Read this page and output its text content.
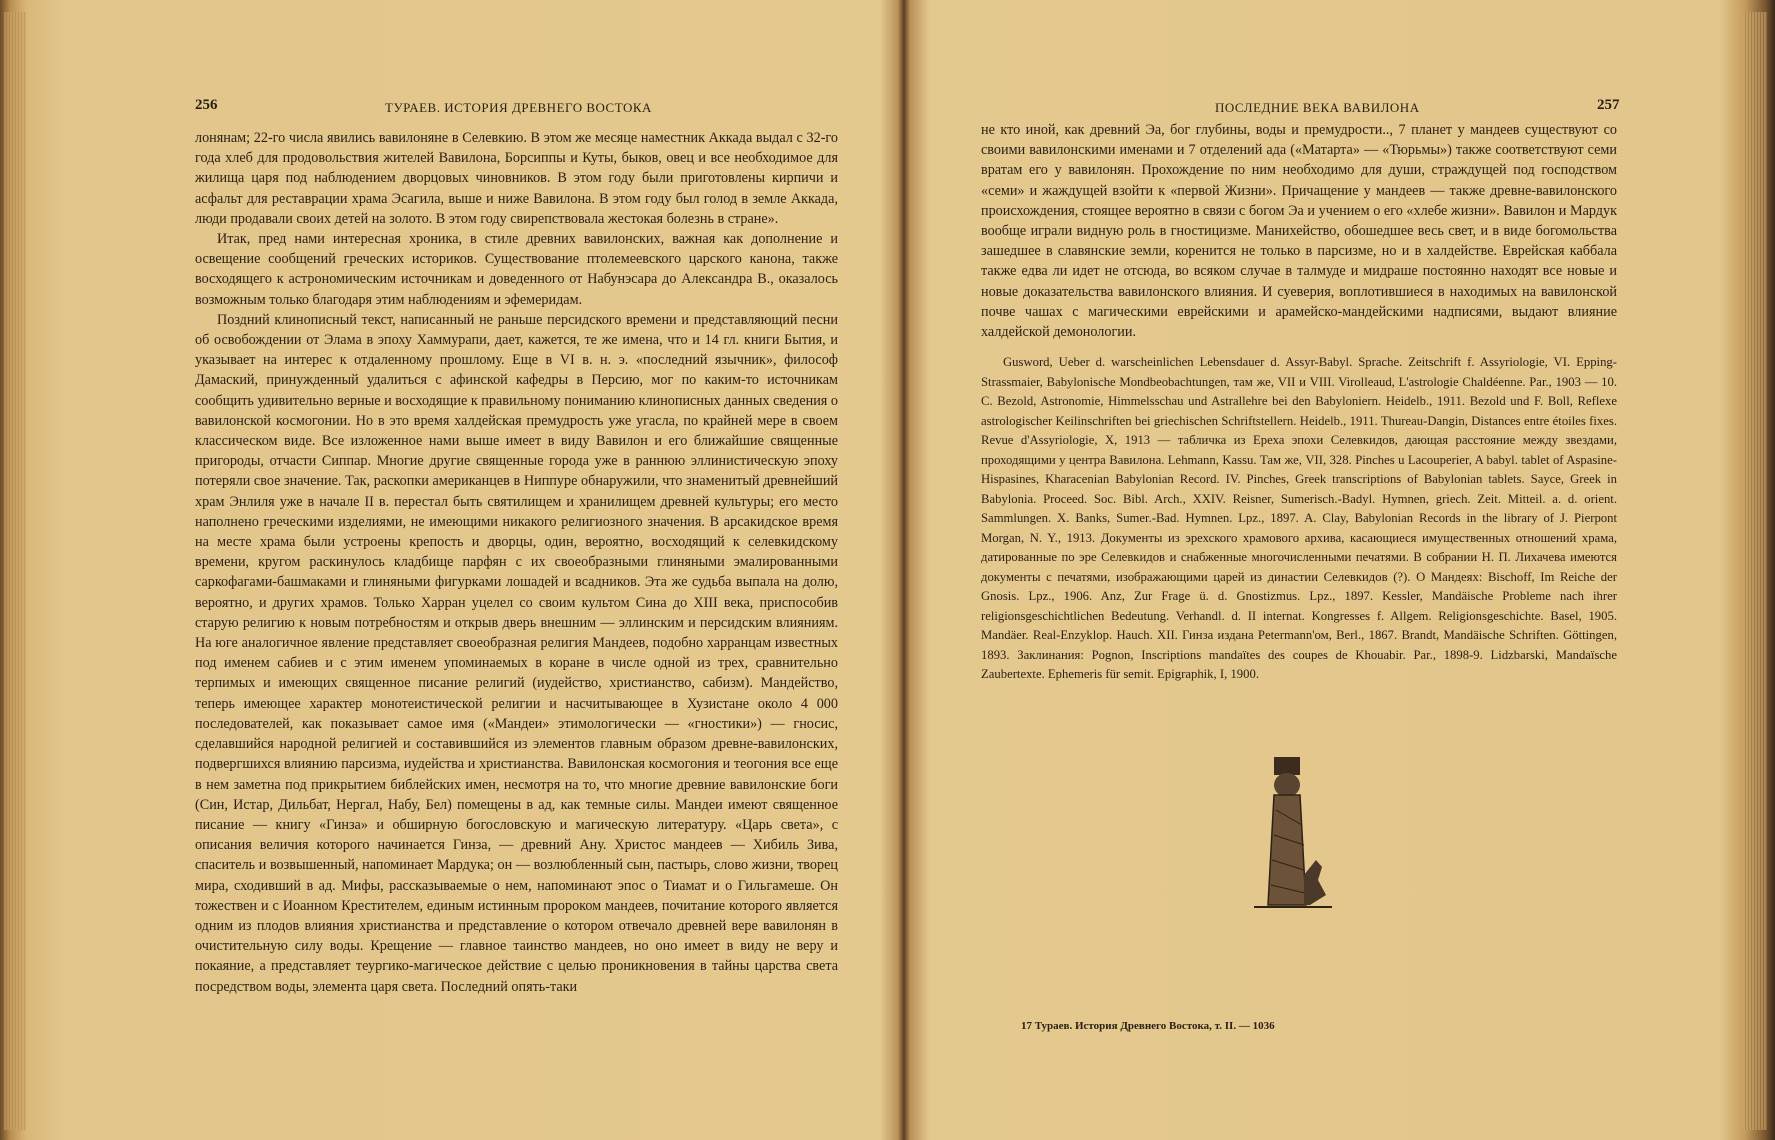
256	ТУРАЕВ. ИСТОРИЯ ДРЕВНЕГО ВОСТОКА

лонянам; 22-го числа явились вавилоняне в Селевкию. В этом же месяце наместник Аккада выдал с 32-го года хлеб для продовольствия жителей Вавилона, Борсиппы и Куты, быков, овец и все необходимое для жилища царя под наблюдением дворцовых чиновников. В этом году были приготовлены кирпичи и асфальт для реставрации храма Эсагила, выше и ниже Вавилона. В этом году был голод в земле Аккада, люди продавали своих детей на золото. В этом году свирепствовала жестокая болезнь в стране».

Итак, пред нами интересная хроника, в стиле древних вавилонских, важная как дополнение и освещение сообщений греческих историков. Существование птолемеевского царского канона, также восходящего к астрономическим источникам и доведенного от Набунэсара до Александра В., оказалось возможным только благодаря этим наблюдениям и эфемеридам.

Поздний клинописный текст, написанный не раньше персидского времени и представляющий песни об освобождении от Элама в эпоху Хаммурапи, дает, кажется, те же имена, что и 14 гл. книги Бытия, и указывает на интерес к отдаленному прошлому. Еще в VI в. н. э. «последний язычник», философ Дамаский, принужденный удалиться с афинской кафедры в Персию, мог по каким-то источникам сообщить удивительно верные и восходящие к правильному пониманию клинописных данных сведения о вавилонской космогонии. Но в это время халдейская премудрость уже угасла, по крайней мере в своем классическом виде. Все изложенное нами выше имеет в виду Вавилон и его ближайшие священные пригороды, отчасти Сиппар. Многие другие священные города уже в раннюю эллинистическую эпоху потеряли свое значение. Так, раскопки американцев в Ниппуре обнаружили, что знаменитый древнейший храм Энлиля уже в начале II в. перестал быть святилищем и хранилищем древней культуры; его место наполнено греческими изделиями, не имеющими никакого религиозного значения. В арсакидское время на месте храма были устроены крепость и дворцы, один, вероятно, восходящий к селевкидскому времени, кругом раскинулось кладбище парфян с их своеобразными глиняными эмалированными саркофагами-башмаками и глиняными фигурками лошадей и всадников. Эта же судьба выпала на долю, вероятно, и других храмов. Только Харран уцелел со своим культом Сина до XIII века, приспособив старую религию к новым потребностям и открыв дверь внешним — эллинским и персидским влияниям. На юге аналогичное явление представляет своеобразная религия Мандеев, подобно харранцам известных под именем сабиев и с этим именем упоминаемых в коране в числе одной из трех, сравнительно терпимых и имеющих священное писание религий (иудейство, христианство, сабизм). Мандейство, теперь имеющее характер монотеистической религии и насчитывающее в Хузистане около 4 000 последователей, как показывает самое имя («Мандеи» этимологически — «гностики») — гносис, сделавшийся народной религией и составившийся из элементов главным образом древне-вавилонских, подвергшихся влиянию парсизма, иудейства и христианства. Вавилонская космогония и теогония все еще в нем заметна под прикрытием библейских имен, несмотря на то, что многие древние вавилонские боги (Син, Истар, Дильбат, Нергал, Набу, Бел) помещены в ад, как темные силы. Мандеи имеют священное писание — книгу «Гинза» и обширную богословскую и магическую литературу. «Царь света», с описания величия которого начинается Гинза, — древний Ану. Христос мандеев — Хибиль Зива, спаситель и возвышенный, напоминает Мардука; он — возлюбленный сын, пастырь, слово жизни, творец мира, сходивший в ад. Мифы, рассказываемые о нем, напоминают эпос о Тиамат и о Гильгамеше. Он тожествен и с Иоанном Крестителем, единым истинным пророком мандеев, почитание которого является одним из плодов влияния христианства и представление о котором отвечало древней вере вавилонян в очистительную силу воды. Крещение — главное таинство мандеев, но оно имеет в виду не веру и покаяние, а представляет теургико-магическое действие с целью проникновения в тайны царства света посредством воды, элемента царя света. Последний опять-таки

ПОСЛЕДНИЕ ВЕКА ВАВИЛОНА	257

не кто иной, как древний Эа, бог глубины, воды и премудрости.., 7 планет у мандеев существуют со своими вавилонскими именами и 7 отделений ада («Матарта» — «Тюрьмы») также соответствуют семи вратам его у вавилонян. Прохождение по ним необходимо для души, страждущей под господством «семи» и жаждущей взойти к «первой Жизни». Причащение у мандеев — также древне-вавилонского происхождения, стоящее вероятно в связи с богом Эа и учением о его «хлебе жизни». Вавилон и Мардук вообще играли видную роль в гностицизме. Манихейство, обошедшее весь свет, и в виде богомольства зашедшее в славянские земли, коренится не только в парсизме, но и в халдействе. Еврейская каббала также едва ли идет не отсюда, во всяком случае в талмуде и мидраше постоянно находят все новые и новые доказательства вавилонского влияния. И суеверия, воплотившиеся в находимых на вавилонской почве чашах с магическими еврейскими и арамейско-мандейскими надписями, выдают влияние халдейской демонологии.

Guswоrd, Ueber d. warscheinlichen Lebensdauer d. Assyr-Babyl. Sprache. Zeitschrift f. Assyriologie, VI. Epping-Strassmaier, Babylonische Mondbeobachtungen, там же, VII и VIII. Virolleaud, L'astrologie Chaldéenne. Par., 1903 — 10. C. Bezold, Astronomie, Himmelsschau und Astrallehre bei den Babyloniern. Heidelb., 1911. Bezold und F. Boll, Reflexe astrologischer Keilinschriften bei griechischen Schriftstellern. Heidelb., 1911. Thureau-Dangin, Distances entre étoiles fixes. Revue d'Assyriologie, X, 1913 — табличка из Ереха эпохи Селевкидов, дающая расстояние между звездами, проходящими у центра Вавилона. Lehmann, Kassu. Там же, VII, 328. Pinches u Lacouperier, A babyl. tablet of Aspasine-Hispasines, Kharacenian Babylonian Record. IV. Pinches, Greek transcriptions of Babylonian tablets. Sayce, Greek in Babylonia. Proceed. Soc. Bibl. Arch., XXIV. Reisner, Sumerisch.-Badyl. Hymnen, griech. Zeit. Mitteil. a. d. orient. Sammlungen. X. Banks, Sumer.-Bad. Hymnen. Lpz., 1897. A. Clay, Babylonian Records in the library of J. Pierpont Morgan, N. Y., 1913. Документы из эрехского храмового архива, касающиеся имущественных отношений храма, датированные по эре Селевкидов и снабженные многочисленными печатями. В собрании Н. П. Лихачева имеются документы с печатями, изображающими царей из династии Селевкидов (?). О Мандеях: Bischoff, Im Reiche der Gnosis. Lpz., 1906. Anz, Zur Frage ü. d. Gnostizmus. Lpz., 1897. Kessler, Mandäische Probleme nach ihrer religionsgeschichtlichen Bedeutung. Verhandl. d. II internat. Kongresses f. Allgem. Religionsgeschichte. Basel, 1905. Mandäer. Real-Enzyklop. Hauch. XII. Гинза издана Petermann'ом, Berl., 1867. Brandt, Mandäische Schriften. Göttingen, 1893. Заклинания: Pognon, Inscriptions mandaïtes des coupes de Khouabir. Par., 1898-9. Lidzbarski, Mandaïsche Zaubertexte. Ephemeris für semit. Epigraphik, I, 1900.

17 Тураев. История Древнего Востока, т. II. — 1036
